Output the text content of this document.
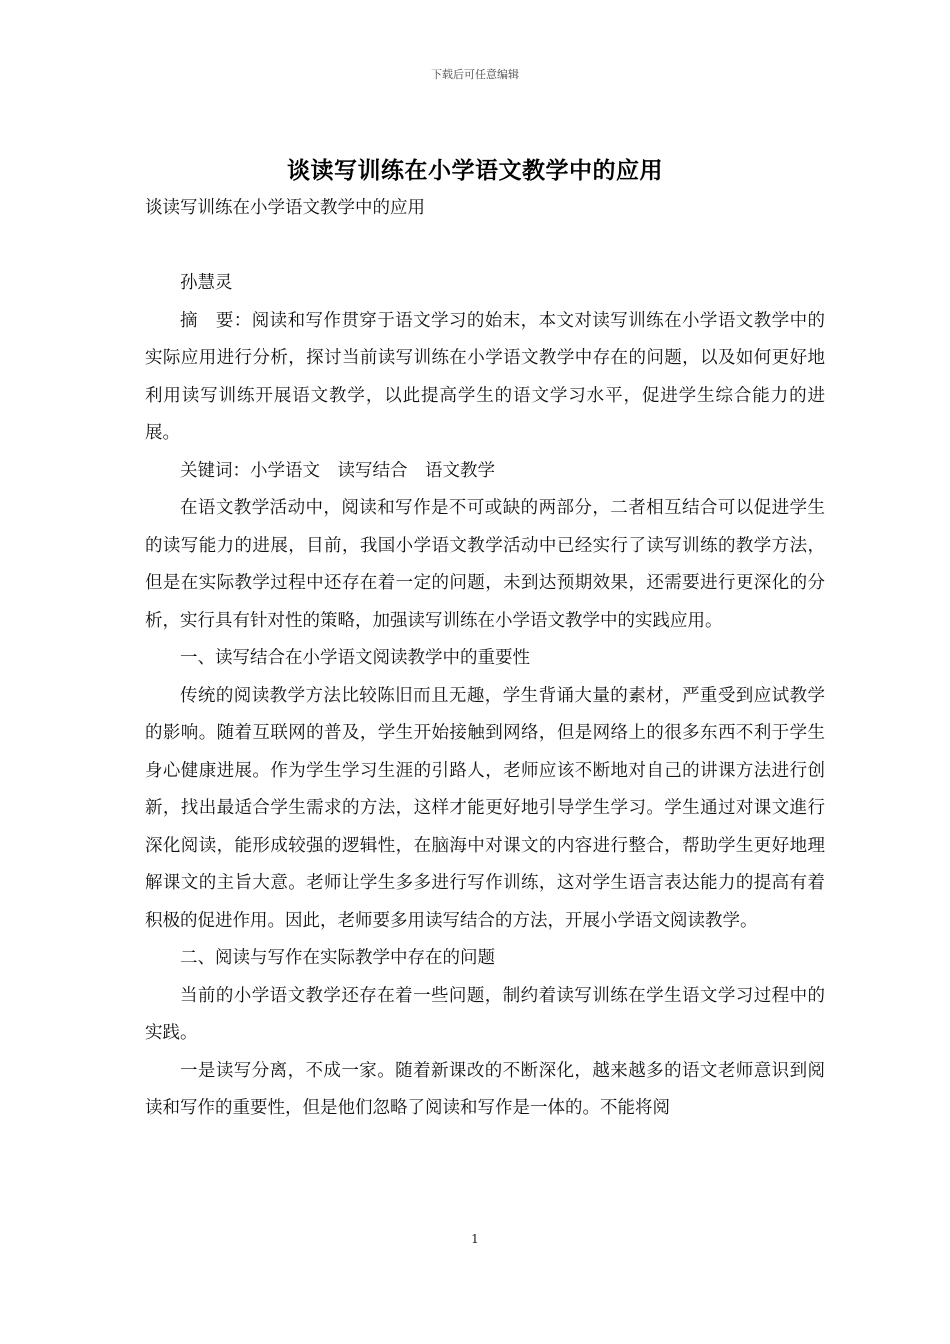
下载后可任意编辑
谈读写训练在小学语文教学中的应用

谈读写训练在小学语文教学中的应用

孙慧灵

摘　要：阅读和写作贯穿于语文学习的始末，本文对读写训练在小学语文教学中的实际应用进行分析，探讨当前读写训练在小学语文教学中存在的问题，以及如何更好地利用读写训练开展语文教学，以此提高学生的语文学习水平，促进学生综合能力的进展。

关键词：小学语文　读写结合　语文教学

在语文教学活动中，阅读和写作是不可或缺的两部分，二者相互结合可以促进学生的读写能力的进展，目前，我国小学语文教学活动中已经实行了读写训练的教学方法，但是在实际教学过程中还存在着一定的问题，未到达预期效果，还需要进行更深化的分析，实行具有针对性的策略，加强读写训练在小学语文教学中的实践应用。

一、读写结合在小学语文阅读教学中的重要性

传统的阅读教学方法比较陈旧而且无趣，学生背诵大量的素材，严重受到应试教学的影响。随着互联网的普及，学生开始接触到网络，但是网络上的很多东西不利于学生身心健康进展。作为学生学习生涯的引路人，老师应该不断地对自己的讲课方法进行创新，找出最适合学生需求的方法，这样才能更好地引导学生学习。学生通过对课文進行深化阅读，能形成较强的逻辑性，在脑海中对课文的内容进行整合，帮助学生更好地理解课文的主旨大意。老师让学生多多进行写作训练，这对学生语言表达能力的提高有着积极的促进作用。因此，老师要多用读写结合的方法，开展小学语文阅读教学。

二、阅读与写作在实际教学中存在的问题

当前的小学语文教学还存在着一些问题，制约着读写训练在学生语文学习过程中的实践。

一是读写分离，不成一家。随着新课改的不断深化，越来越多的语文老师意识到阅读和写作的重要性，但是他们忽略了阅读和写作是一体的。不能将阅

1
